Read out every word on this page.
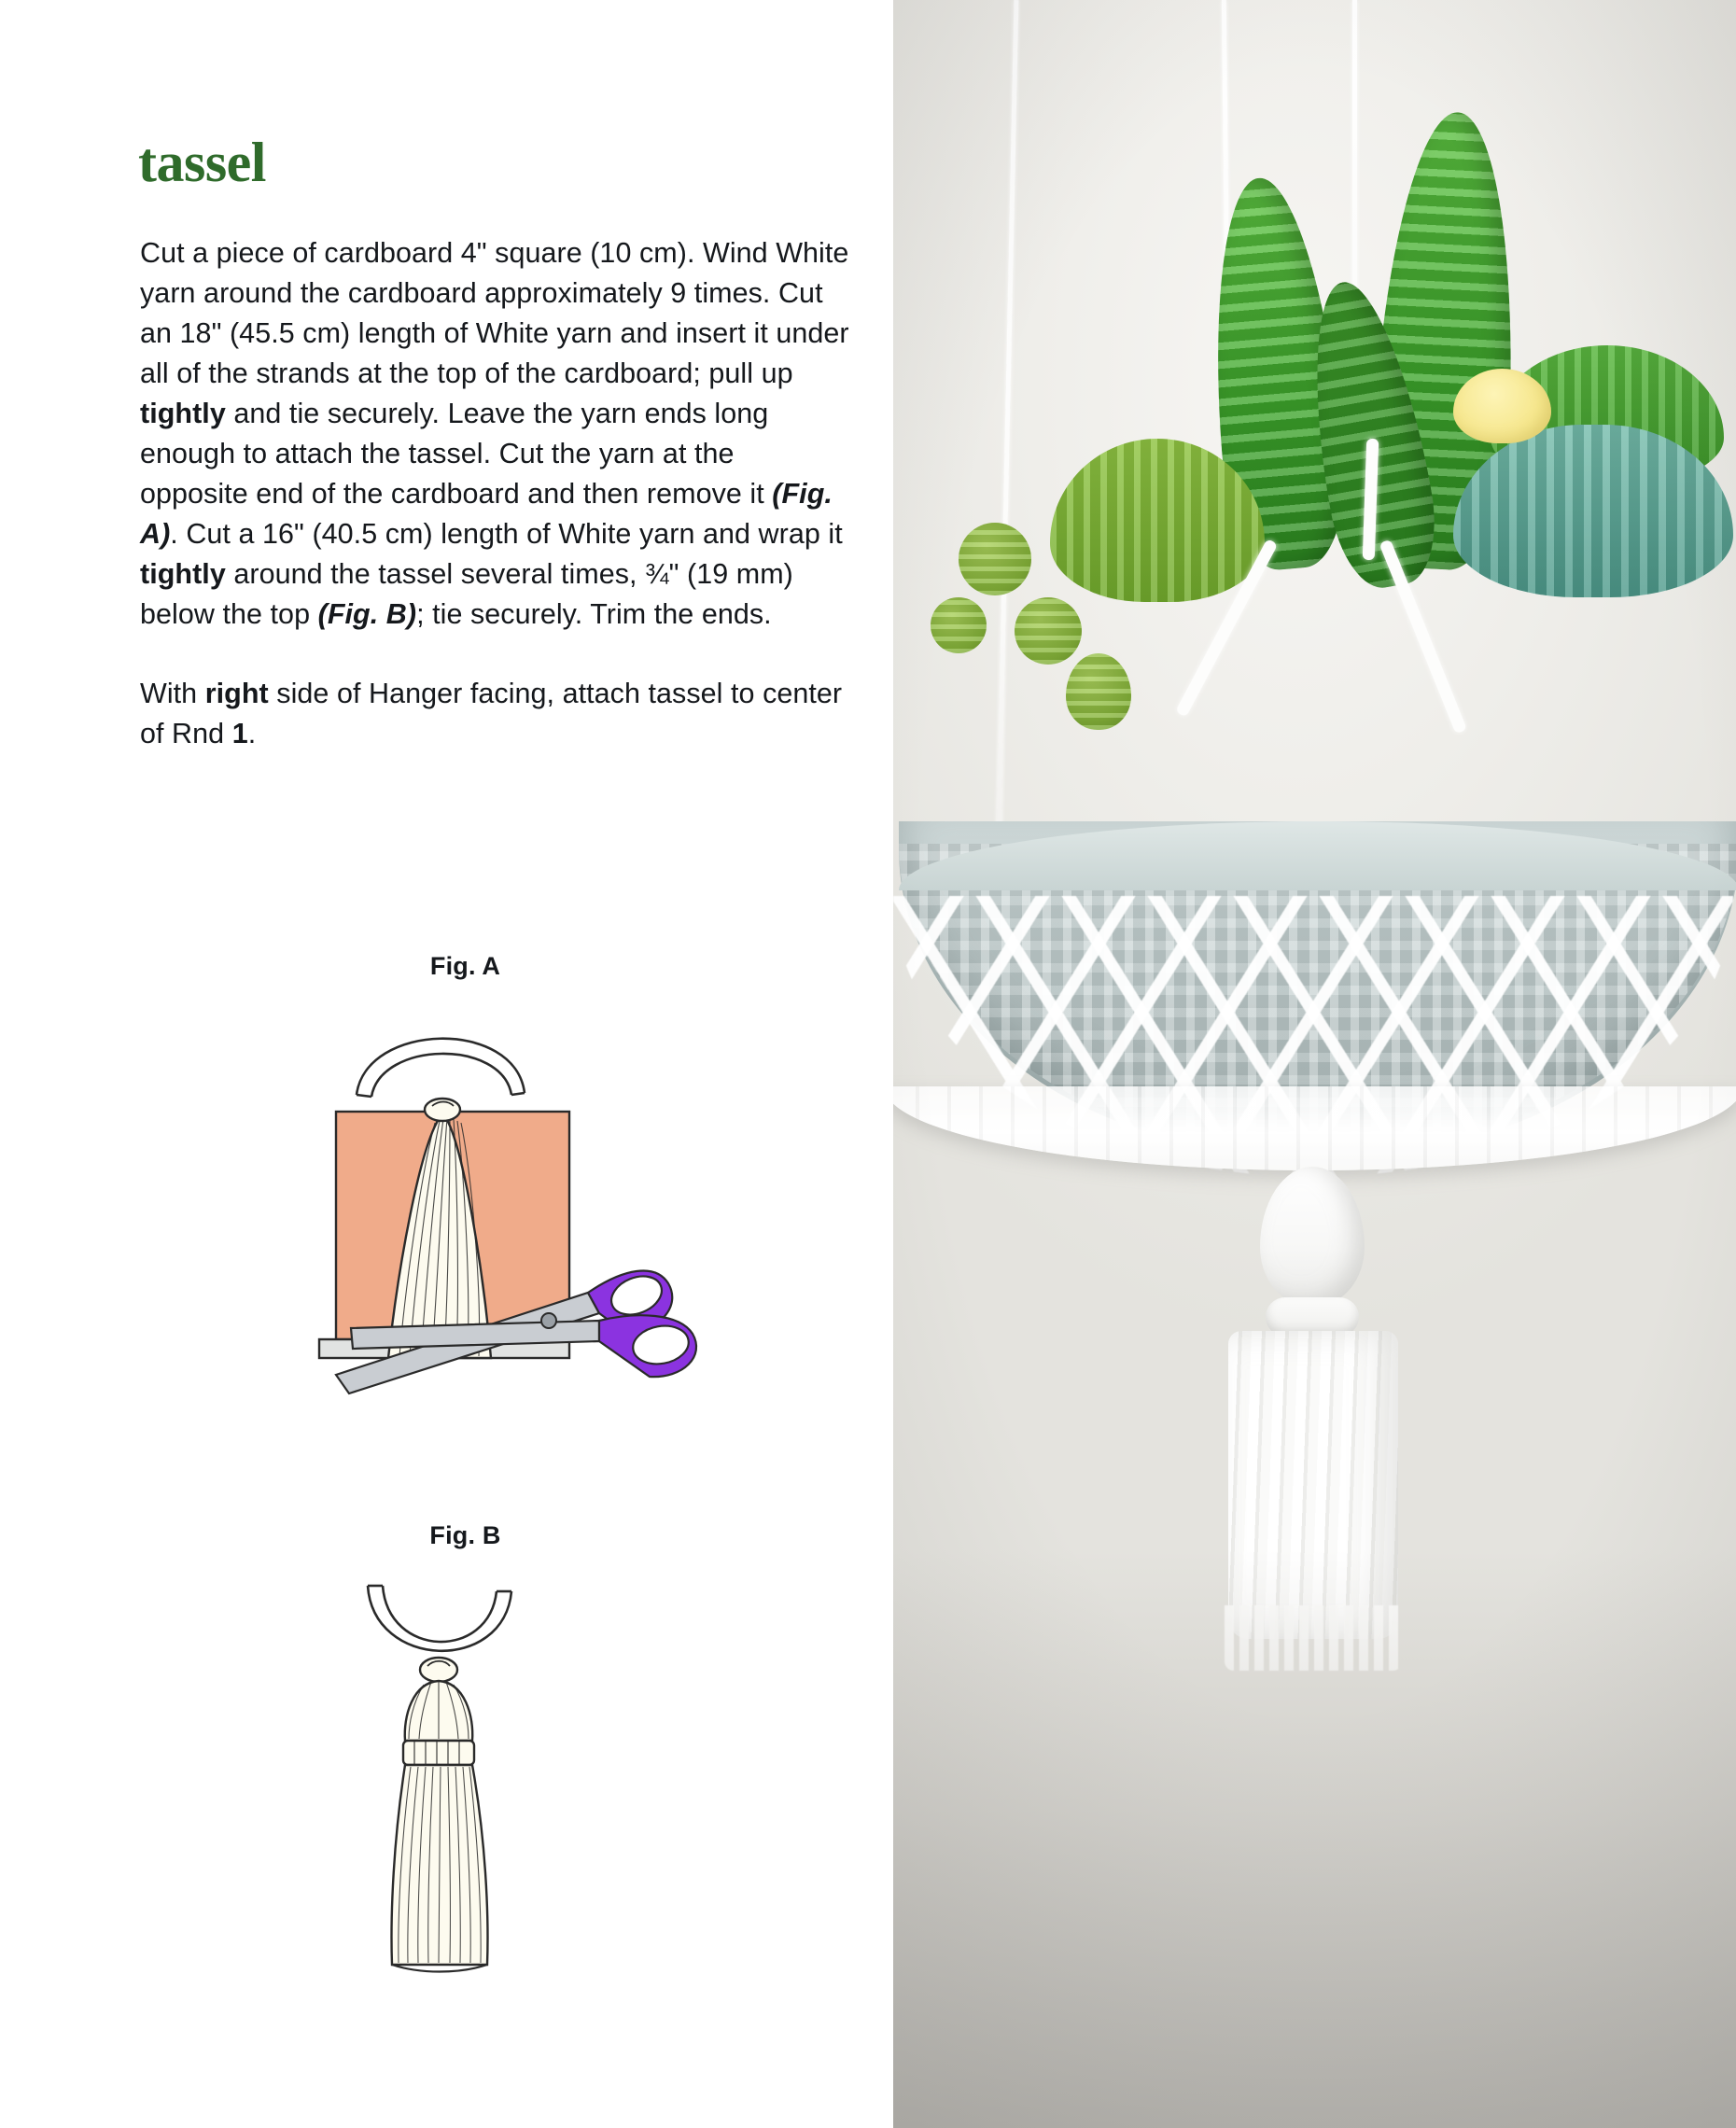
tassel

Cut a piece of cardboard 4" square (10 cm). Wind White yarn around the cardboard approximately 9 times. Cut an 18" (45.5 cm) length of White yarn and insert it under all of the strands at the top of the cardboard; pull up tightly and tie securely. Leave the yarn ends long enough to attach the tassel. Cut the yarn at the opposite end of the cardboard and then remove it (Fig. A). Cut a 16" (40.5 cm) length of White yarn and wrap it tightly around the tassel several times, ¾" (19 mm) below the top (Fig. B); tie securely. Trim the ends.

With right side of Hanger facing, attach tassel to center of Rnd 1.

Fig. A
Fig. B
